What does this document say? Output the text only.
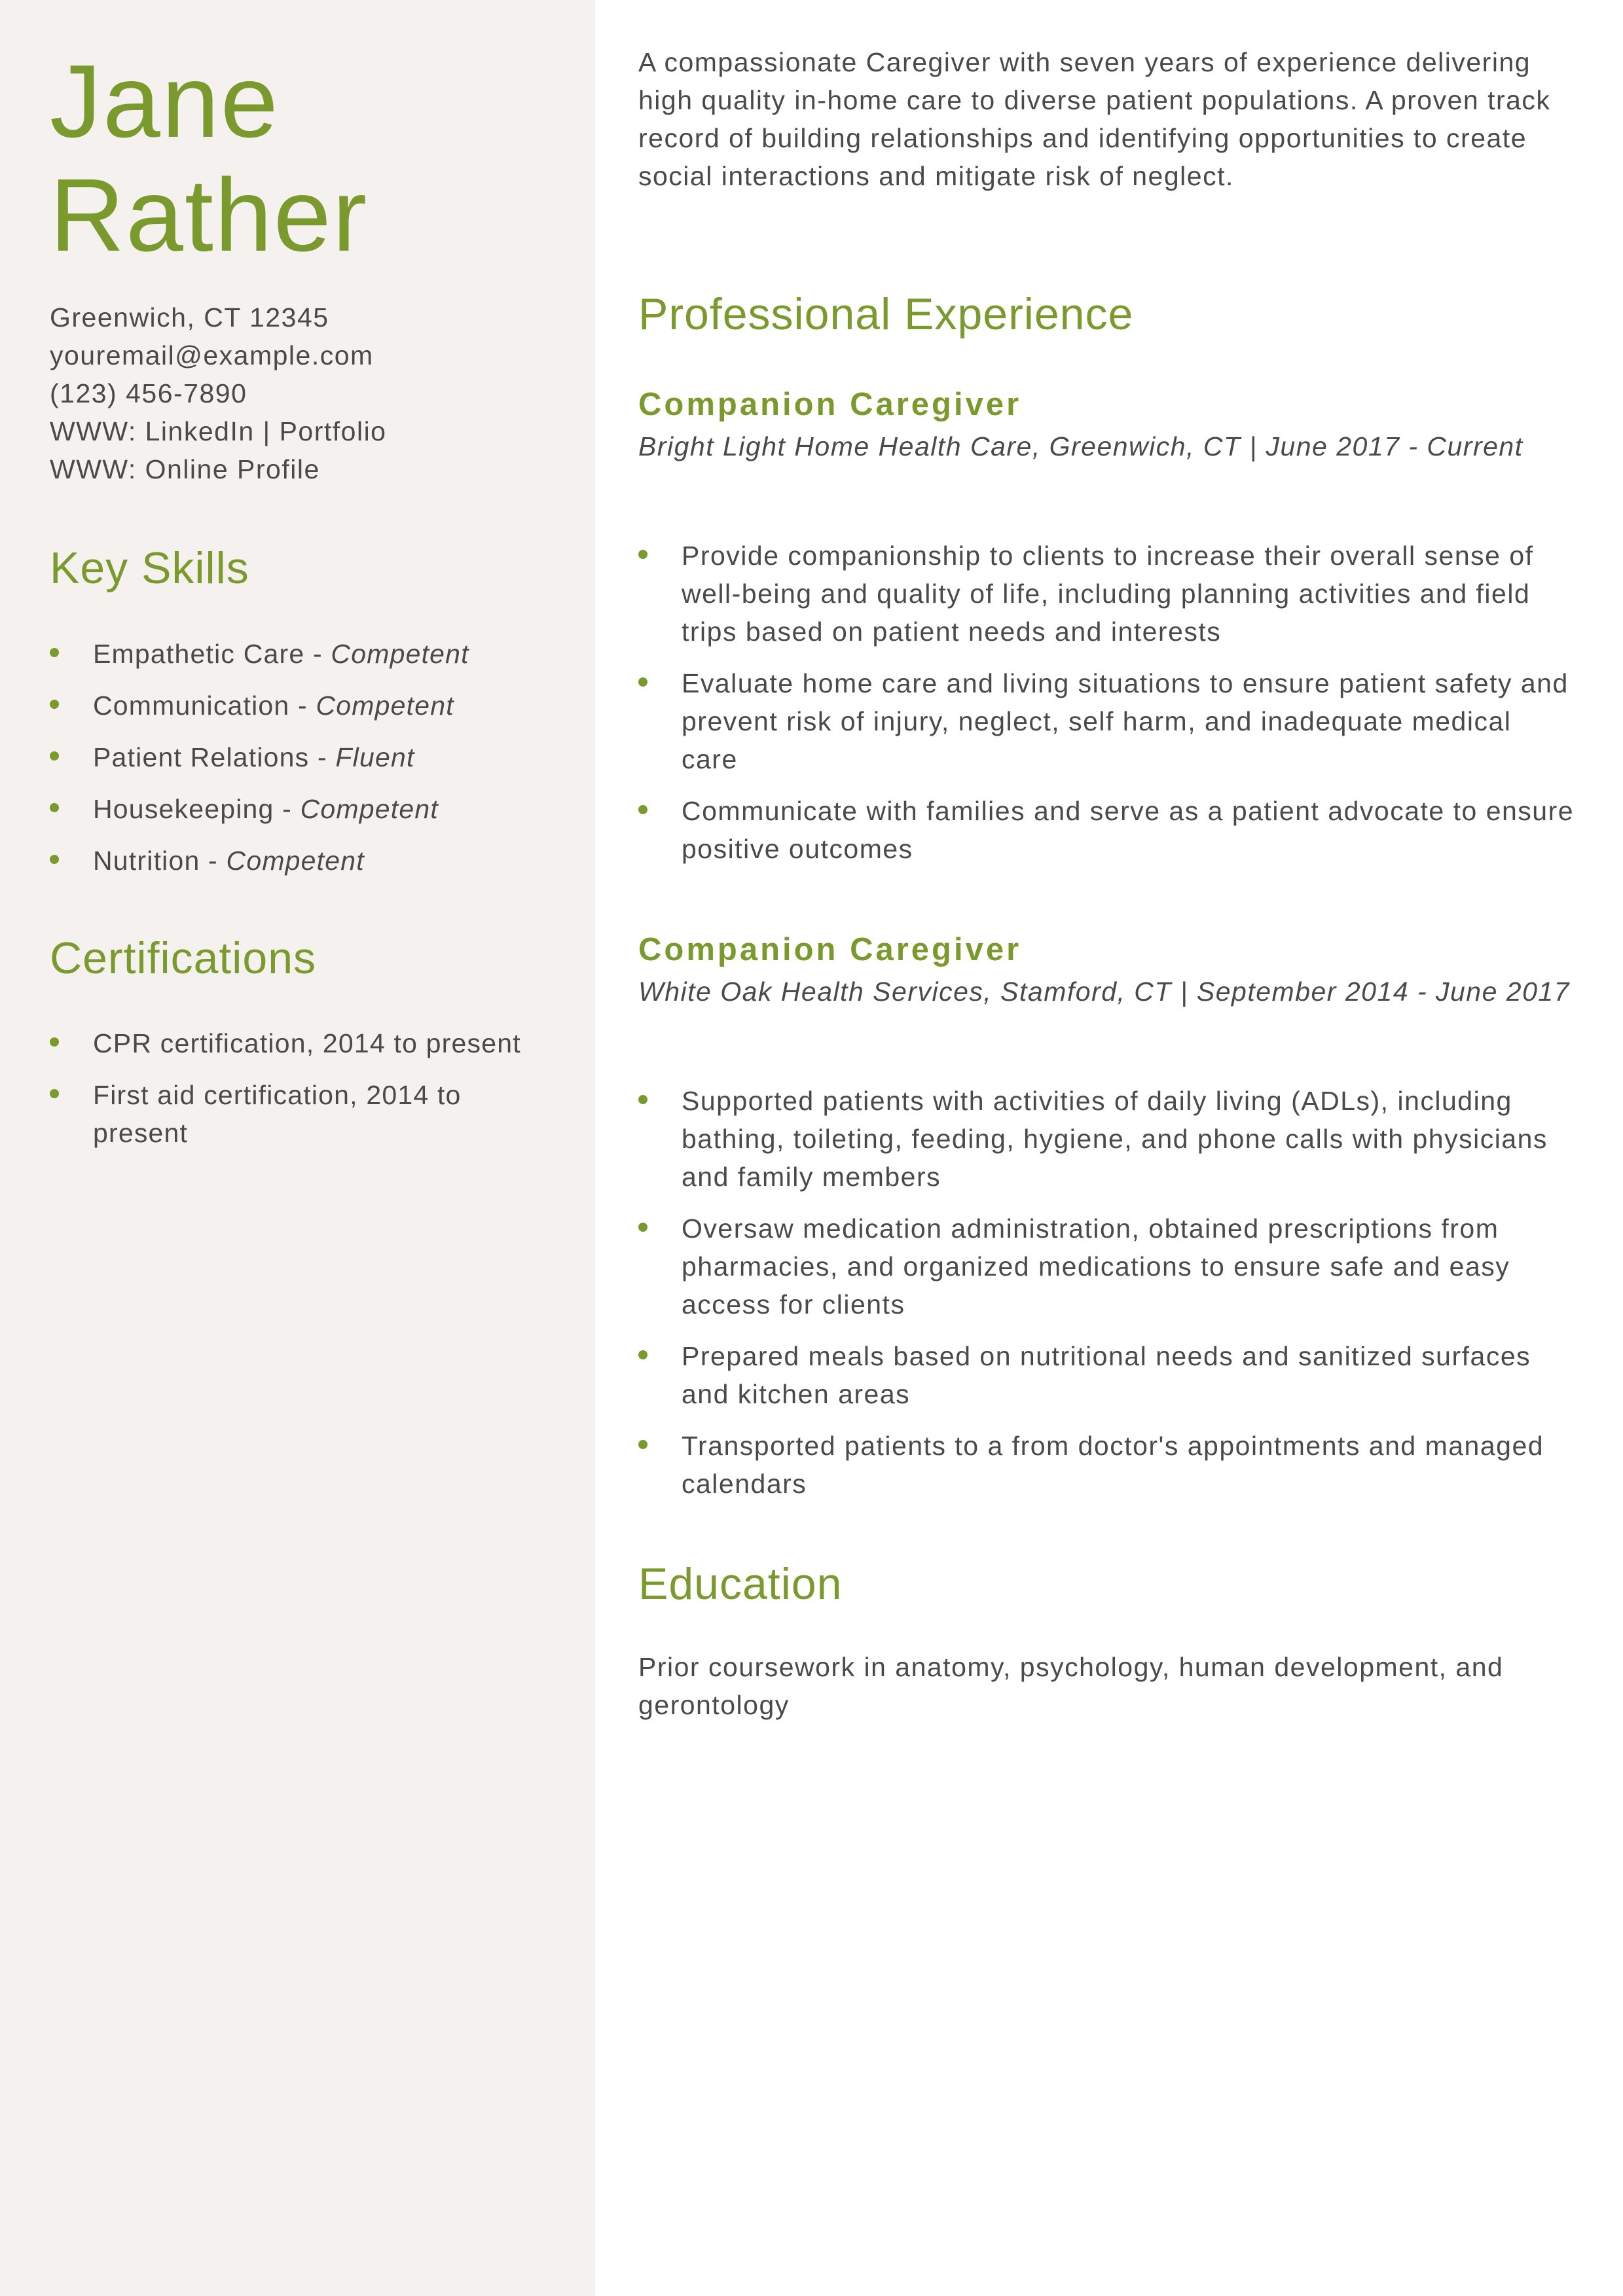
Jane
Rather
Greenwich, CT 12345
youremail@example.com
(123) 456-7890
WWW: LinkedIn | Portfolio
WWW: Online Profile
Key Skills
Empathetic Care - Competent
Communication - Competent
Patient Relations - Fluent
Housekeeping - Competent
Nutrition - Competent
Certifications
CPR certification, 2014 to present
First aid certification, 2014 to present

A compassionate Caregiver with seven years of experience delivering high quality in-home care to diverse patient populations. A proven track record of building relationships and identifying opportunities to create social interactions and mitigate risk of neglect.

Professional Experience
Companion Caregiver

Bright Light Home Health Care, Greenwich, CT | June 2017 - Current

Provide companionship to clients to increase their overall sense of well-being and quality of life, including planning activities and field trips based on patient needs and interests
Evaluate home care and living situations to ensure patient safety and prevent risk of injury, neglect, self harm, and inadequate medical care
Communicate with families and serve as a patient advocate to ensure positive outcomes
Companion Caregiver

White Oak Health Services, Stamford, CT | September 2014 - June 2017

Supported patients with activities of daily living (ADLs), including bathing, toileting, feeding, hygiene, and phone calls with physicians and family members
Oversaw medication administration, obtained prescriptions from pharmacies, and organized medications to ensure safe and easy access for clients
Prepared meals based on nutritional needs and sanitized surfaces and kitchen areas
Transported patients to a from doctor's appointments and managed calendars
Education

Prior coursework in anatomy, psychology, human development, and gerontology
